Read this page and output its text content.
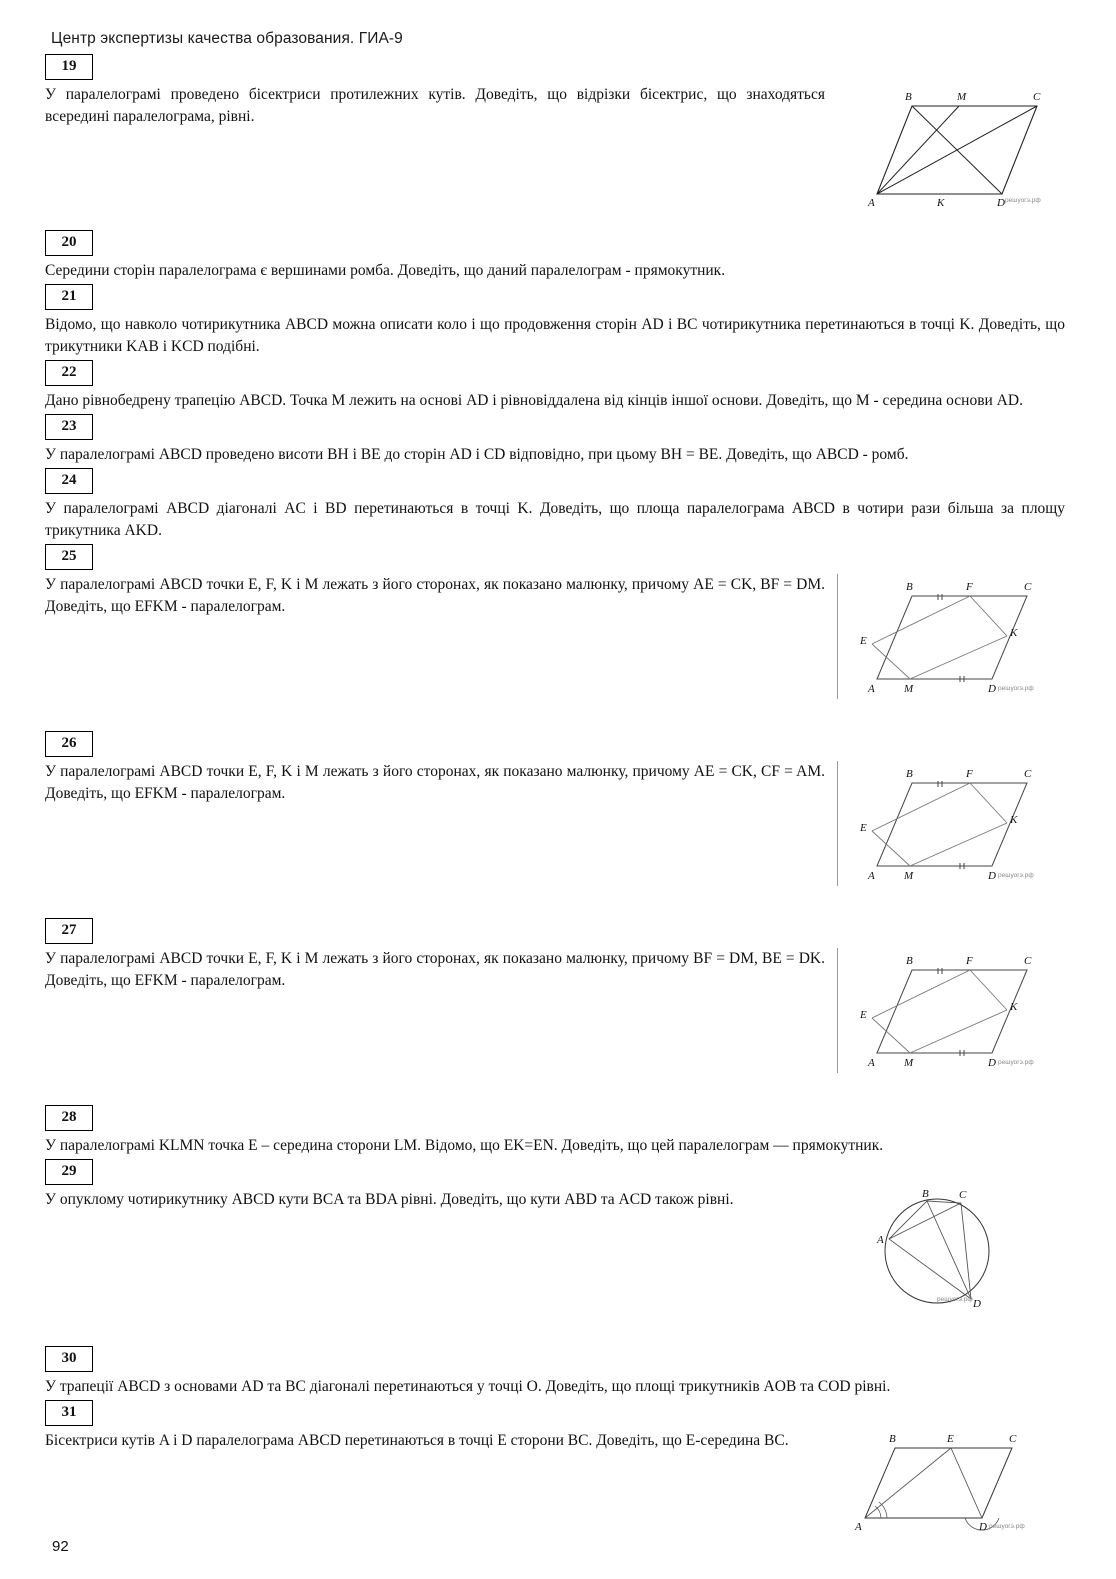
Центр экспертизы качества образования. ГИА-9
19
У паралелограмі проведено бісектриси протилежних кутів. Доведіть, що відрізки бісектрис, що знаходяться всередині паралелограма, рівні.
B	M	C
A	K	D решуогэ.рф
20
Середини сторін паралелограма є вершинами ромба. Доведіть, що даний паралелограм - прямокутник.
21
Відомо, що навколо чотирикутника ABCD можна описати коло і що продовження сторін AD і BC чотирикутника перетинаються в точці K. Доведіть, що трикутники KAB і KCD подібні.
22
Дано рівнобедрену трапецію ABCD. Точка M лежить на основі AD і рівновіддалена від кінців іншої основи. Доведіть, що M - середина основи AD.
23
У паралелограмі ABCD проведено висоти BH і BE до сторін AD і CD відповідно, при цьому BH = BE. Доведіть, що ABCD - ромб.
24
У паралелограмі ABCD діагоналі AC і BD перетинаються в точці K. Доведіть, що площа паралелограма ABCD в чотири рази більша за площу трикутника AKD.
25
У паралелограмі ABCD точки E, F, K і M лежать з його сторонах, як показано малюнку, причому AE = CK, BF = DM. Доведіть, що EFKM - паралелограм.
B	F	C
K
E
A	M	D решуогэ.рф
26
У паралелограмі ABCD точки E, F, K і M лежать з його сторонах, як показано малюнку, причому AE = CK, CF = AM. Доведіть, що EFKM - паралелограм.
B	F	C
K
E
A	M	D решуогэ.рф
27
У паралелограмі ABCD точки E, F, K і M лежать з його сторонах, як показано малюнку, причому BF = DM, BE = DK. Доведіть, що EFKM - паралелограм.
B	F	C
K
E
A	M	D решуогэ.рф
28
У паралелограмі KLMN точка E – середина сторони LM. Відомо, що EK=EN. Доведіть, що цей паралелограм — прямокутник.
29
У опуклому чотирикутнику ABCD кути BCA та BDA рівні. Доведіть, що кути ABD та ACD також рівні.	B	C
A
D
решуогэ.рф
30
У трапеції ABCD з основами AD та BC діагоналі перетинаються у точці O. Доведіть, що площі трикутників AOB та COD рівні.
31
Бісектриси кутів A і D паралелограма ABCD перетинаються в точці E сторони BC. Доведіть, що E-середина BC.	B	E	C
A	D решуогэ.рф
92
